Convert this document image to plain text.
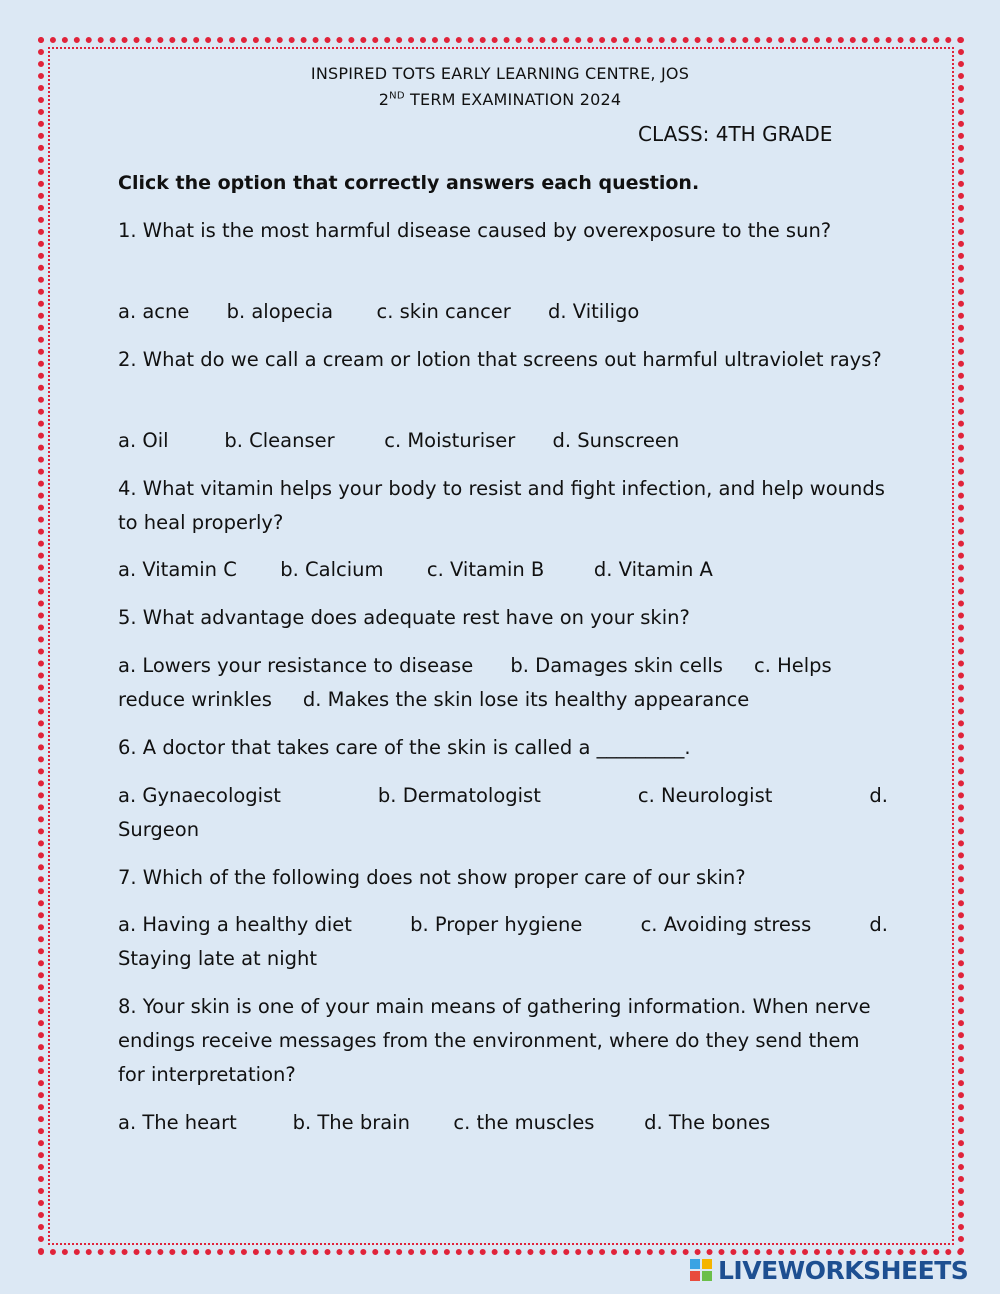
INSPIRED TOTS EARLY LEARNING CENTRE, JOS
2ND TERM EXAMINATION 2024
CLASS: 4TH GRADE
Click the option that correctly answers each question.
1. What is the most harmful disease caused by overexposure to the sun?
a. acne b. alopecia c. skin cancer d. Vitiligo
2. What do we call a cream or lotion that screens out harmful ultraviolet rays?
a. Oil	b. Cleanser	c. Moisturiser d. Sunscreen
4. What vitamin helps your body to resist and fight infection, and help wounds to heal properly?
a. Vitamin C b. Calcium c. Vitamin B	d. Vitamin A
5. What advantage does adequate rest have on your skin?
a. Lowers your resistance to disease b. Damages skin cells c. Helps reduce wrinkles d. Makes the skin lose its healthy appearance
6. A doctor that takes care of the skin is called a _________.
a. Gynaecologist	b. Dermatologist	c. Neurologist	d.
Surgeon
7. Which of the following does not show proper care of our skin?
a. Having a healthy diet	b. Proper hygiene	c. Avoiding stress	d.
Staying late at night
8. Your skin is one of your main means of gathering information. When nerve endings receive messages from the environment, where do they send them for interpretation?
a. The heart	b. The brain c. the muscles	d. The bones
LIVEWORKSHEETS
